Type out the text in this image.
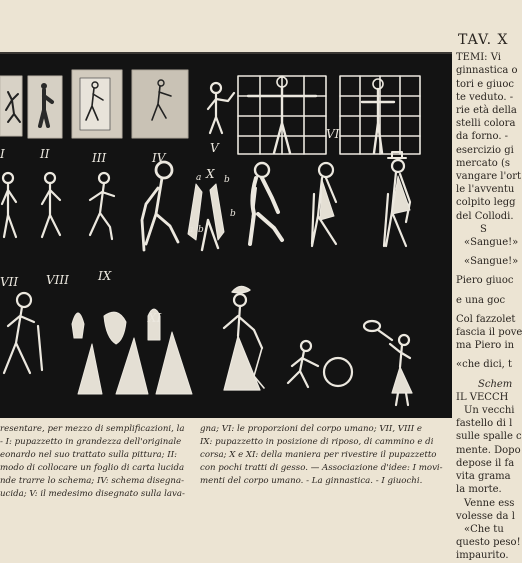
I	II	III	IV
V
VI
VII VIII IX
X
XI
a	b
a b
b
TAV. X
TEMI: Vi
ginnastica o
tori e giuoc
te veduto. -
rie età della
stelli colora
da forno. -
esercizio gi
mercato (s
vangare l'ort
le l'avventu
colpito legg
del Collodi.
S
«Sangue!»
«Sangue!»
Piero giuoc
e una goc
Col fazzolet
fascia il pove
ma Piero in
«che dici, t
Schem
IL VECCH
Un vecchi
fastello di l
sulle spalle c
mente. Dopo
depose il fa
vita grama
la morte.
Venne ess
volesse da l
«Che tu
questo peso!
impaurito.
resentare, per mezzo di semplificazioni, la
- I: pupazzetto in grandezza dell'originale
eonardo nel suo trattato sulla pittura; II:
modo di collocare un foglio di carta lucida
nde trarre lo schema; IV: schema disegna-
ucida; V: il medesimo disegnato sulla lava-
gna; VI: le proporzioni del corpo umano; VII, VIII e
IX: pupazzetto in posizione di riposo, di cammino e di
corsa; X e XI: della maniera per rivestire il pupazzetto
con pochi tratti di gesso. — Associazione d'idee: I movi-
menti del corpo umano. - La ginnastica. - I giuochi.
